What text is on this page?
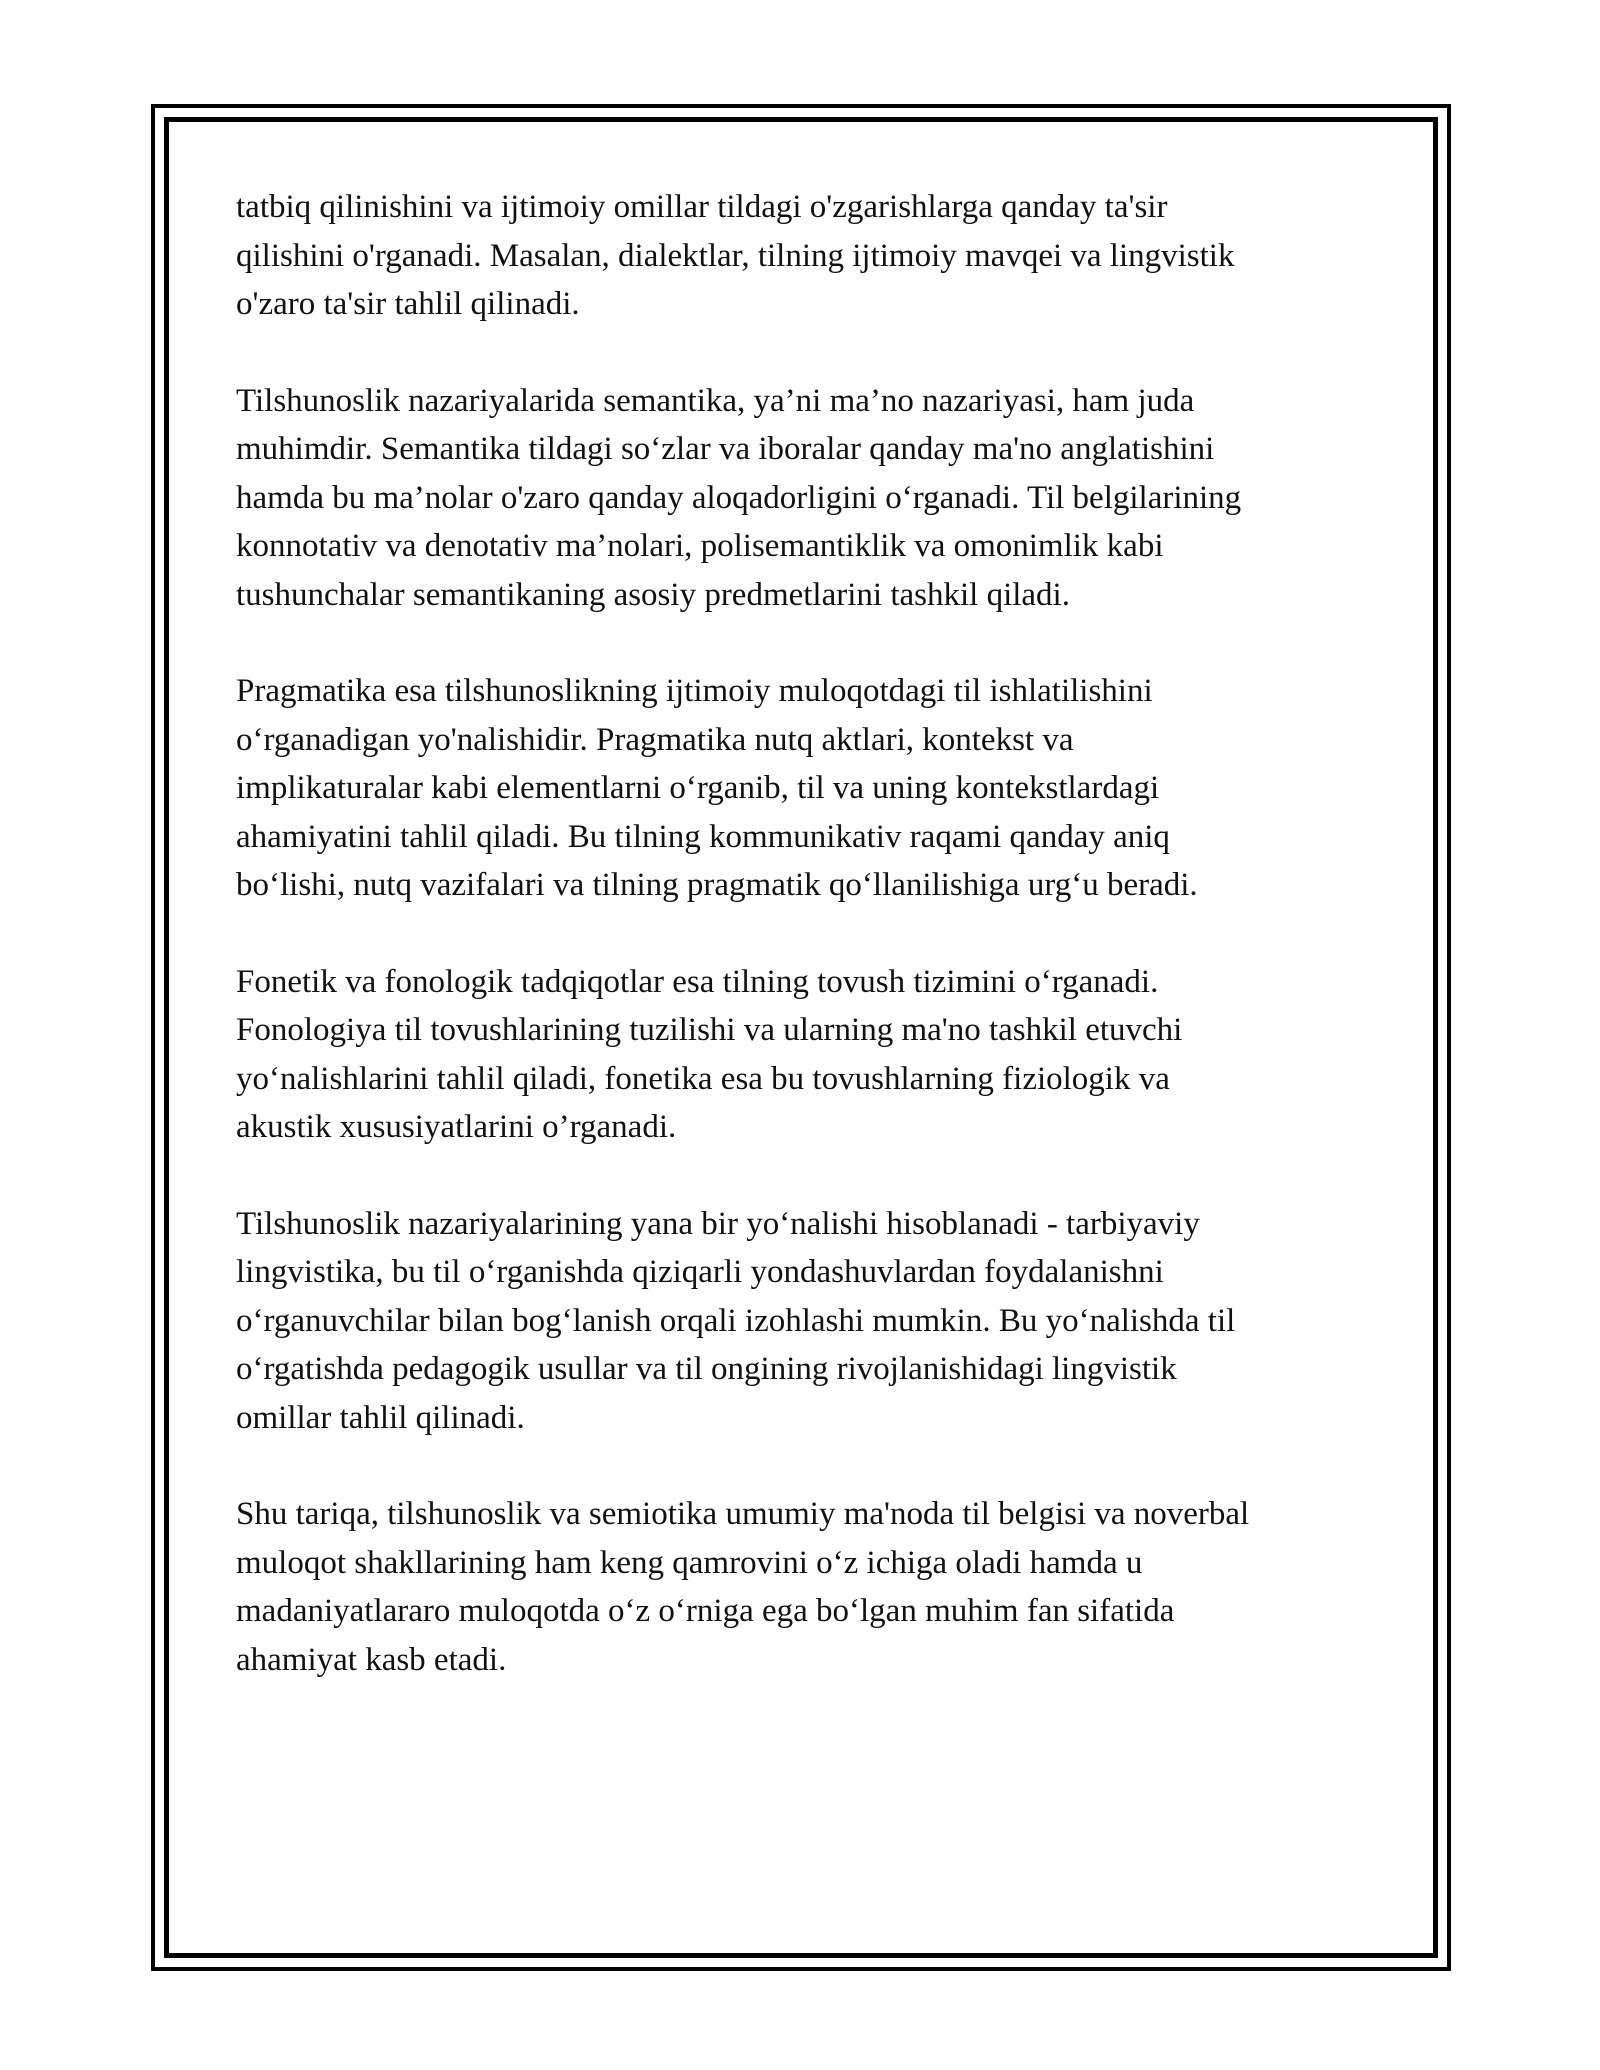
tatbiq qilinishini va ijtimoiy omillar tildagi o'zgarishlarga qanday ta'sir
qilishini o'rganadi. Masalan, dialektlar, tilning ijtimoiy mavqei va lingvistik
o'zaro ta'sir tahlil qilinadi.

Tilshunoslik nazariyalarida semantika, ya’ni ma’no nazariyasi, ham juda
muhimdir. Semantika tildagi so‘zlar va iboralar qanday ma'no anglatishini
hamda bu ma’nolar o'zaro qanday aloqadorligini o‘rganadi. Til belgilarining
konnotativ va denotativ ma’nolari, polisemantiklik va omonimlik kabi
tushunchalar semantikaning asosiy predmetlarini tashkil qiladi.

Pragmatika esa tilshunoslikning ijtimoiy muloqotdagi til ishlatilishini
o‘rganadigan yo'nalishidir. Pragmatika nutq aktlari, kontekst va
implikaturalar kabi elementlarni o‘rganib, til va uning kontekstlardagi
ahamiyatini tahlil qiladi. Bu tilning kommunikativ raqami qanday aniq
bo‘lishi, nutq vazifalari va tilning pragmatik qo‘llanilishiga urg‘u beradi.

Fonetik va fonologik tadqiqotlar esa tilning tovush tizimini o‘rganadi.
Fonologiya til tovushlarining tuzilishi va ularning ma'no tashkil etuvchi
yo‘nalishlarini tahlil qiladi, fonetika esa bu tovushlarning fiziologik va
akustik xususiyatlarini o’rganadi.

Tilshunoslik nazariyalarining yana bir yo‘nalishi hisoblanadi - tarbiyaviy
lingvistika, bu til o‘rganishda qiziqarli yondashuvlardan foydalanishni
o‘rganuvchilar bilan bog‘lanish orqali izohlashi mumkin. Bu yo‘nalishda til
o‘rgatishda pedagogik usullar va til ongining rivojlanishidagi lingvistik
omillar tahlil qilinadi.

Shu tariqa, tilshunoslik va semiotika umumiy ma'noda til belgisi va noverbal
muloqot shakllarining ham keng qamrovini o‘z ichiga oladi hamda u
madaniyatlararo muloqotda o‘z o‘rniga ega bo‘lgan muhim fan sifatida
ahamiyat kasb etadi.
